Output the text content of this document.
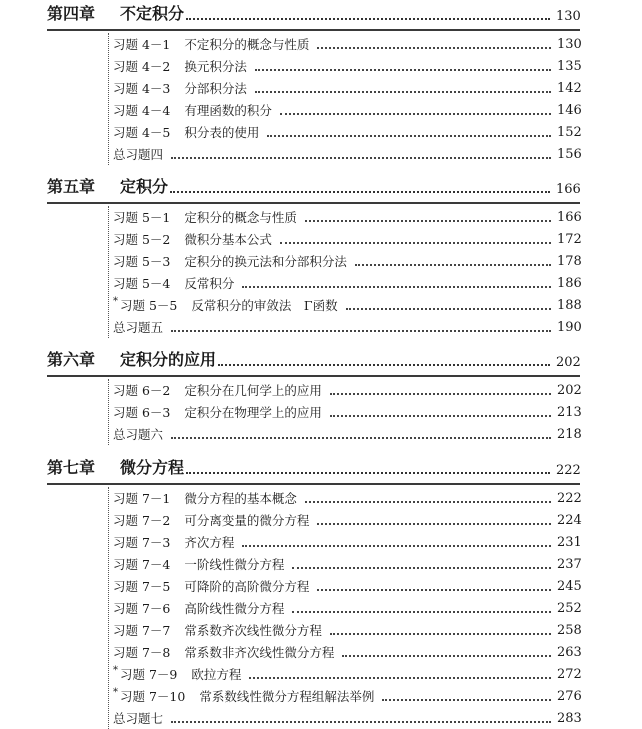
第四章	不定积分	130
习题 4－1 不定积分的概念与性质	130
习题 4－2 换元积分法	135
习题 4－3 分部积分法	142
习题 4－4 有理函数的积分	146
习题 4－5 积分表的使用	152
总习题四	156
第五章	定积分	166
习题 5－1 定积分的概念与性质	166
习题 5－2 微积分基本公式	172
习题 5－3 定积分的换元法和分部积分法	178
习题 5－4 反常积分	186
* 习题 5－5 反常积分的审敛法　Γ函数	188
总习题五	190
第六章	定积分的应用	202
习题 6－2 定积分在几何学上的应用	202
习题 6－3 定积分在物理学上的应用	213
总习题六	218
第七章	微分方程	222
习题 7－1 微分方程的基本概念	222
习题 7－2 可分离变量的微分方程	224
习题 7－3 齐次方程	231
习题 7－4 一阶线性微分方程	237
习题 7－5 可降阶的高阶微分方程	245
习题 7－6 高阶线性微分方程	252
习题 7－7 常系数齐次线性微分方程	258
习题 7－8 常系数非齐次线性微分方程	263
* 习题 7－9 欧拉方程	272
* 习题 7－10 常系数线性微分方程组解法举例	276
总习题七	283
